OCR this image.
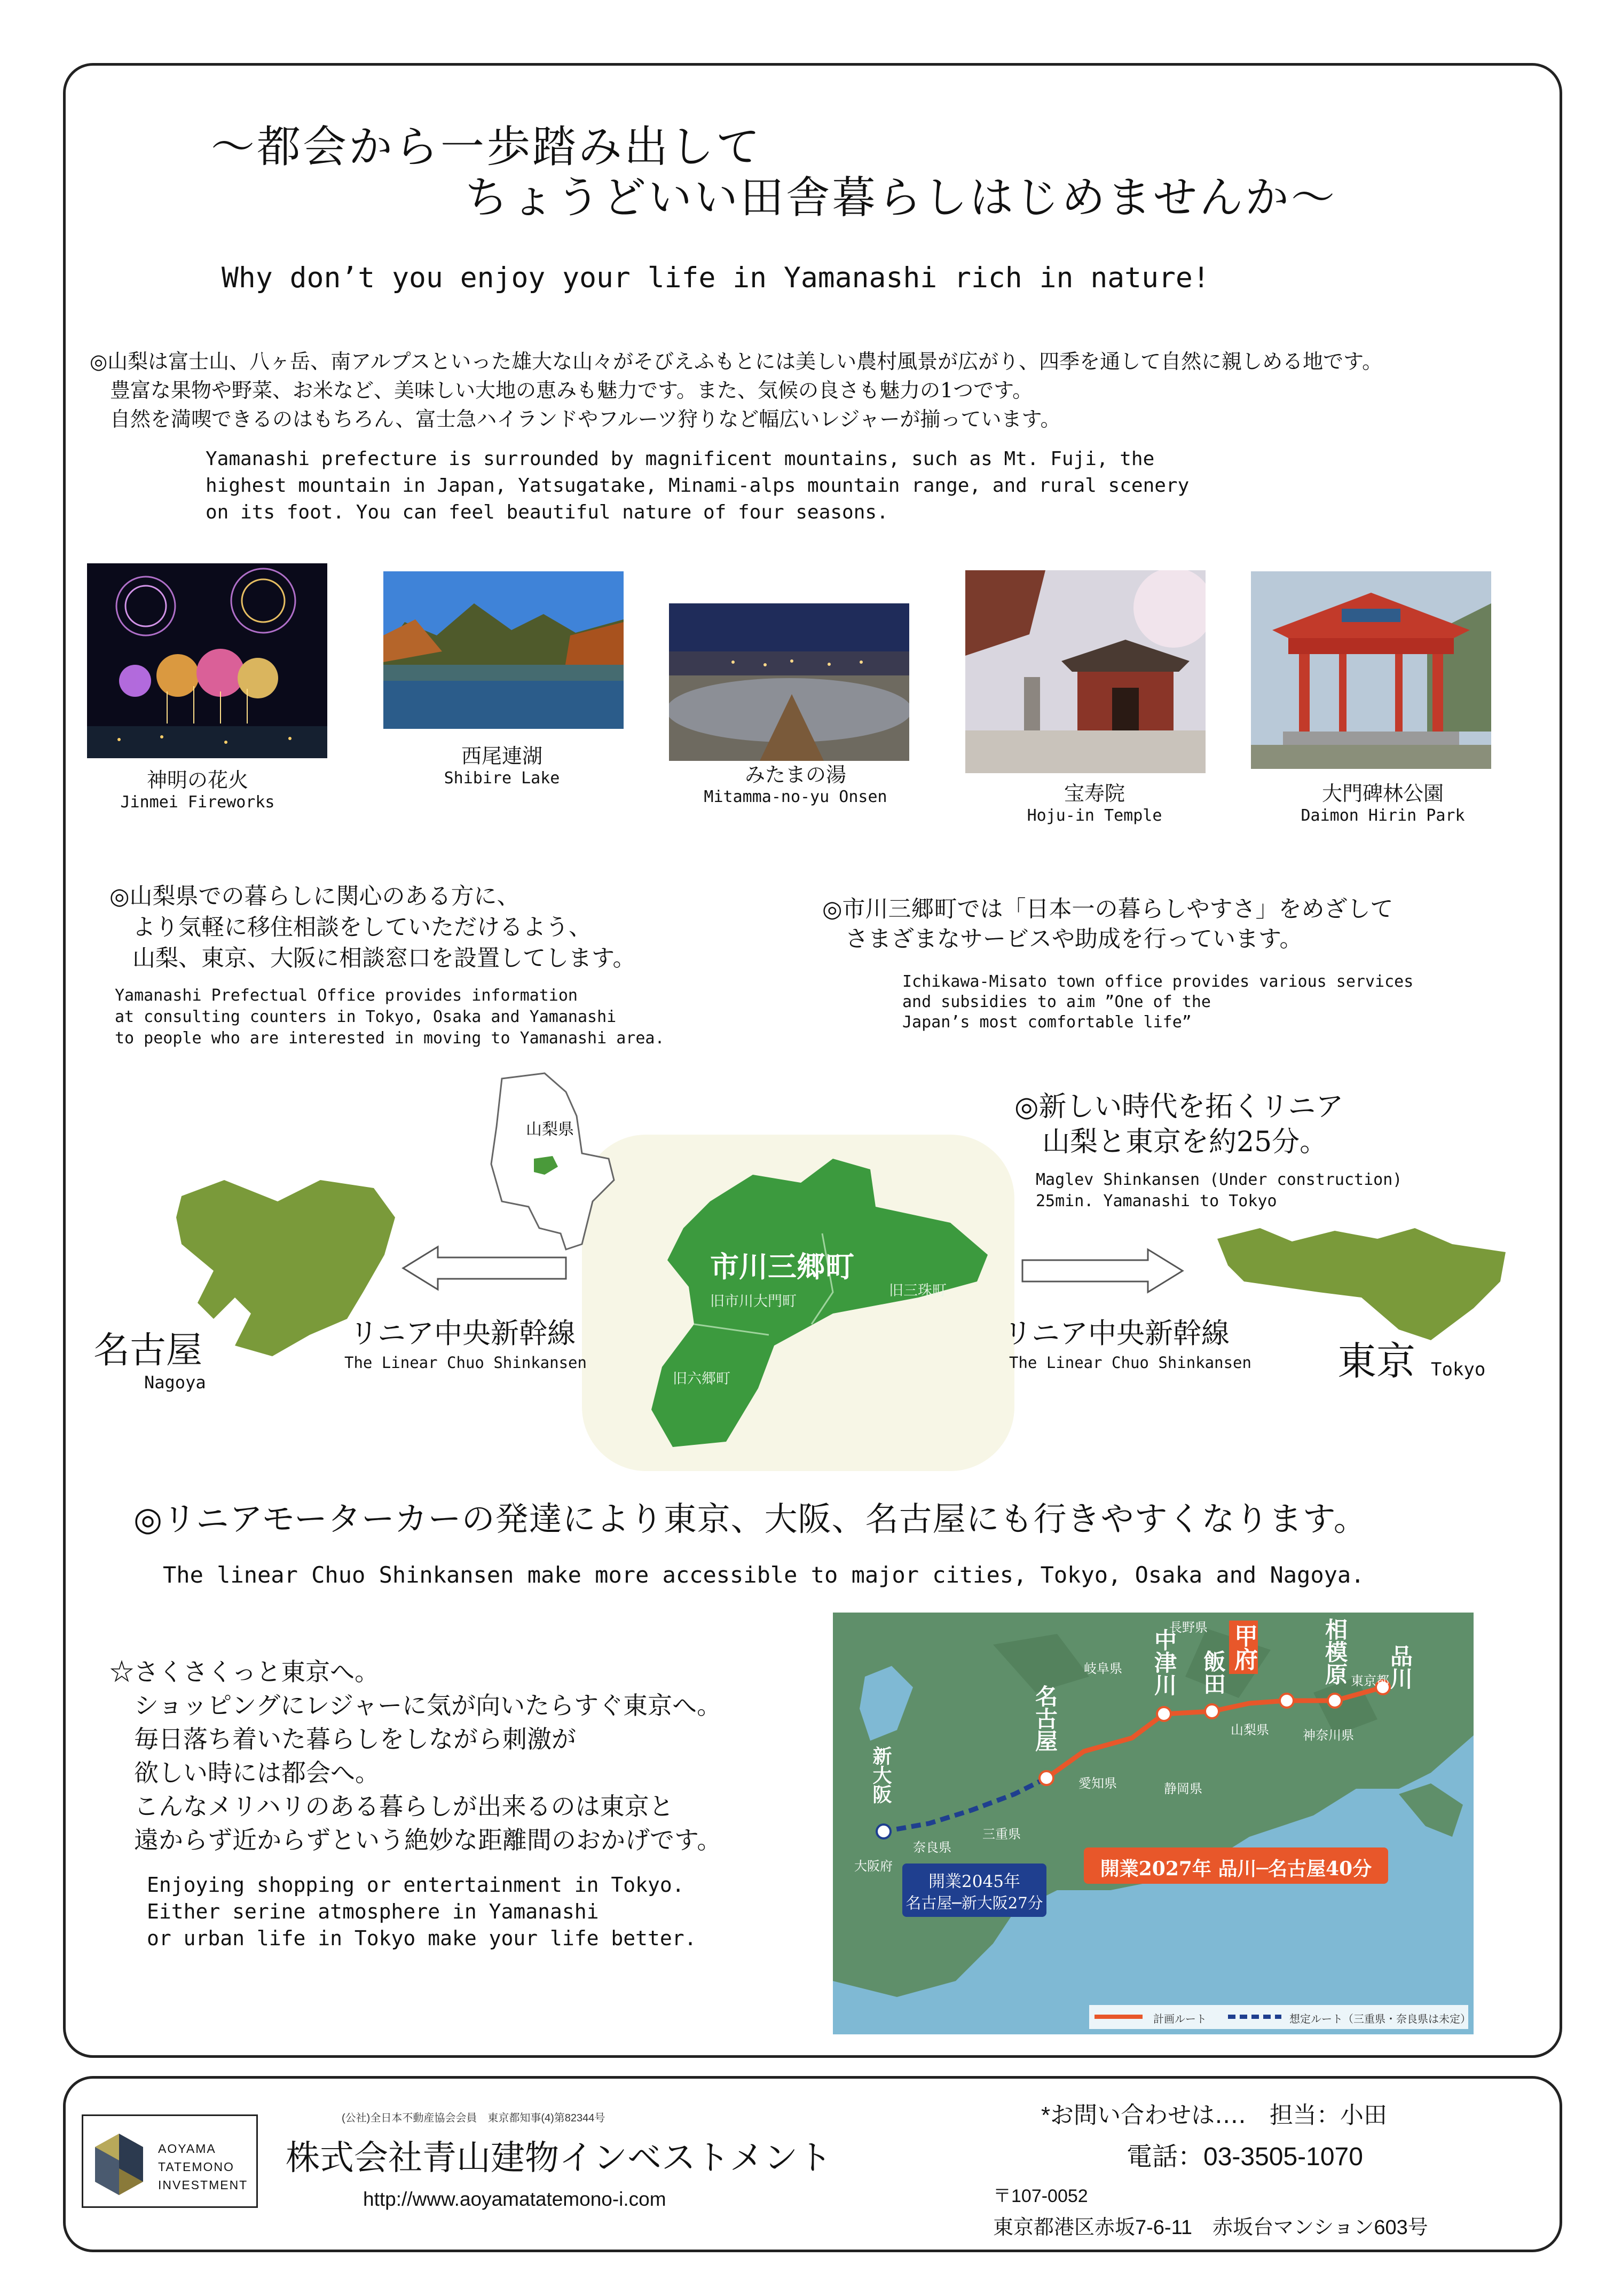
～都会から一歩踏み出して
ちょうどいい田舎暮らしはじめませんか～
Why don’t you enjoy your life in Yamanashi rich in nature!
◎山梨は富士山、八ヶ岳、南アルプスといった雄大な山々がそびえふもとには美しい農村風景が広がり、四季を通して自然に親しめる地です。
　豊富な果物や野菜、お米など、美味しい大地の恵みも魅力です。また、気候の良さも魅力の1つです。
　自然を満喫できるのはもちろん、富士急ハイランドやフルーツ狩りなど幅広いレジャーが揃っています。
Yamanashi prefecture is surrounded by magnificent mountains, such as Mt. Fuji, the
highest mountain in Japan, Yatsugatake, Minami-alps mountain range, and rural scenery
on its foot. You can feel beautiful nature of four seasons.
神明の花火
Jinmei Fireworks
西尾連湖
Shibire Lake	みたまの湯
Mitamma-no-yu Onsen	宝寿院
Hoju-in Temple
大門碑林公園
Daimon Hirin Park
◎山梨県での暮らしに関心のある方に、
　より気軽に移住相談をしていただけるよう、
　山梨、東京、大阪に相談窓口を設置してします。
Yamanashi Prefectual Office provides information
at consulting counters in Tokyo, Osaka and Yamanashi
to people who are interested in moving to Yamanashi area.
◎市川三郷町では「日本一の暮らしやすさ」をめざして
　さまざまなサービスや助成を行っています。
Ichikawa-Misato town office provides various services
and subsidies to aim ”One of the
Japan’s most comfortable life”
◎新しい時代を拓くリニア
　山梨と東京を約25分。
Maglev Shinkansen (Under construction)
25min. Yamanashi to Tokyo
山梨県
市川三郷町
旧市川大門町
旧三珠町
旧六郷町
名古屋
Nagoya
リニア中央新幹線
The Linear Chuo Shinkansen
リニア中央新幹線
The Linear Chuo Shinkansen 東京 Tokyo
◎リニアモーターカーの発達により東京、大阪、名古屋にも行きやすくなります。
The linear Chuo Shinkansen make more accessible to major cities, Tokyo, Osaka and Nagoya.
☆さくさくっと東京へ。
　ショッピングにレジャーに気が向いたらすぐ東京へ。
　毎日落ち着いた暮らしをしながら刺激が
　欲しい時には都会へ。
　こんなメリハリのある暮らしが出来るのは東京と
　遠からず近からずという絶妙な距離間のおかげです。
Enjoying shopping or entertainment in Tokyo.
Either serine atmosphere in Yamanashi
or urban life in Tokyo make your life better.
新大阪
名古屋
中津川 飯田
甲府	相模原 品川
岐阜県
長野県
山梨県
東京都
神奈川県
愛知県	静岡県
大阪府
奈良県
三重県
開業2027年 品川─名古屋40分
開業2045年
名古屋─新大阪27分
計画ルート	想定ルート（三重県・奈良県は未定）
(公社)全日本不動産協会会員　東京都知事(4)第82344号
AOYAMA
TATEMONO
INVESTMENT
株式会社青山建物インベストメント
http://www.aoyamatatemono-i.com
*お問い合わせは‥‥　担当：小田
電話：03-3505-1070
〒107-0052
東京都港区赤坂7-6-11　赤坂台マンション603号
